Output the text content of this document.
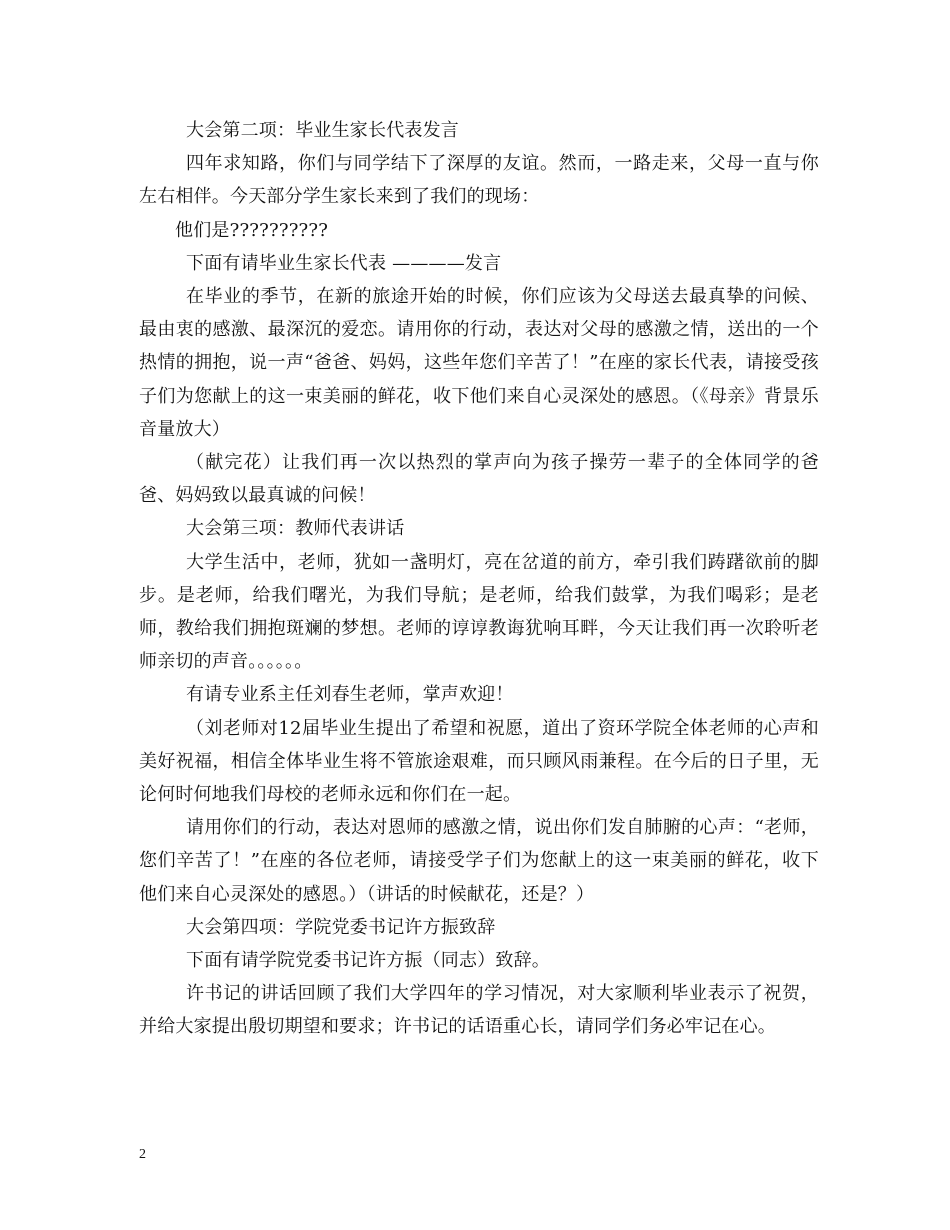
大会第二项：毕业生家长代表发言

四年求知路，你们与同学结下了深厚的友谊。然而，一路走来，父母一直与你左右相伴。今天部分学生家长来到了我们的现场：

他们是??????????

下面有请毕业生家长代表 ————发言

在毕业的季节，在新的旅途开始的时候，你们应该为父母送去最真挚的问候、最由衷的感激、最深沉的爱恋。请用你的行动，表达对父母的感激之情，送出的一个热情的拥抱，说一声“爸爸、妈妈，这些年您们辛苦了！”在座的家长代表，请接受孩子们为您献上的这一束美丽的鲜花，收下他们来自心灵深处的感恩。（《母亲》背景乐音量放大）

（献完花）让我们再一次以热烈的掌声向为孩子操劳一辈子的全体同学的爸爸、妈妈致以最真诚的问候！

大会第三项：教师代表讲话

大学生活中，老师，犹如一盏明灯，亮在岔道的前方，牵引我们踌躇欲前的脚步。是老师，给我们曙光，为我们导航；是老师，给我们鼓掌，为我们喝彩；是老师，教给我们拥抱斑斓的梦想。老师的谆谆教诲犹响耳畔，今天让我们再一次聆听老师亲切的声音。。。。。。

有请专业系主任刘春生老师，掌声欢迎！

（刘老师对12届毕业生提出了希望和祝愿，道出了资环学院全体老师的心声和美好祝福，相信全体毕业生将不管旅途艰难，而只顾风雨兼程。在今后的日子里，无论何时何地我们母校的老师永远和你们在一起。

请用你们的行动，表达对恩师的感激之情，说出你们发自肺腑的心声：“老师，您们辛苦了！”在座的各位老师，请接受学子们为您献上的这一束美丽的鲜花，收下他们来自心灵深处的感恩。）（讲话的时候献花，还是？）

大会第四项：学院党委书记许方振致辞

下面有请学院党委书记许方振（同志）致辞。

许书记的讲话回顾了我们大学四年的学习情况，对大家顺利毕业表示了祝贺，并给大家提出殷切期望和要求；许书记的话语重心长，请同学们务必牢记在心。

2
